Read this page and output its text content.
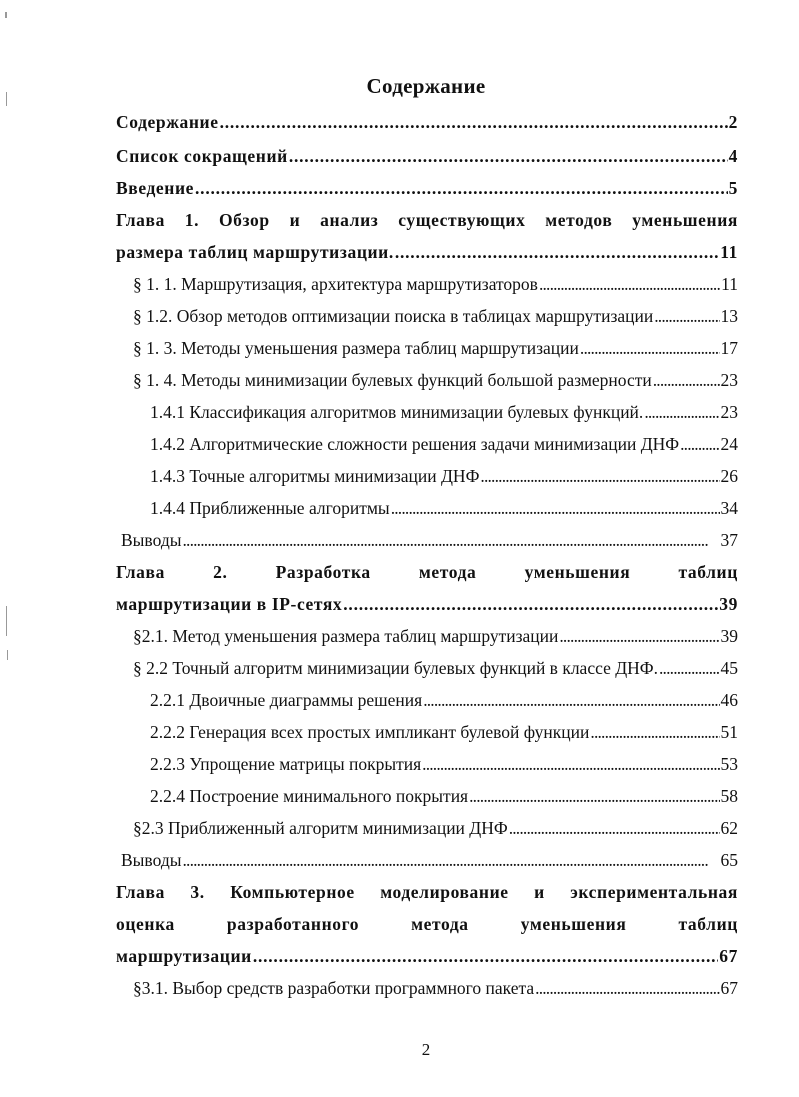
Содержание
Содержание . . .	2
Список сокращений . . .	4
Введение . . .	5
Глава 1. Обзор и анализ существующих методов уменьшения
размера таблиц маршрутизации. . . .	11
§ 1. 1. Маршрутизация, архитектура маршрутизаторов . . .	11
§ 1.2. Обзор методов оптимизации поиска в таблицах маршрутизации . . .	13
§ 1. 3. Методы уменьшения размера таблиц маршрутизации . . .	17
§ 1. 4. Методы минимизации булевых функций большой размерности . . .	23
1.4.1 Классификация алгоритмов минимизации булевых функций. . . .	23
1.4.2 Алгоритмические сложности решения задачи минимизации ДНФ . . . 24
1.4.3 Точные алгоритмы минимизации ДНФ . . .	26
1.4.4 Приближенные алгоритмы . . .	34
Выводы . . .	37
Глава	2.	Разработка	метода	уменьшения	таблиц
маршрутизации в IP-сетях . . .	39
§2.1. Метод уменьшения размера таблиц маршрутизации . . .	39
§ 2.2 Точный алгоритм минимизации булевых функций в классе ДНФ. . . .	45
2.2.1 Двоичные диаграммы решения . . .	46
2.2.2 Генерация всех простых импликант булевой функции . . .	51
2.2.3 Упрощение матрицы покрытия . . .	53
2.2.4 Построение минимального покрытия . . .	58
§2.3 Приближенный алгоритм минимизации ДНФ . . .	62
Выводы . . .	65
Глава 3. Компьютерное моделирование и экспериментальная
оценка	разработанного	метода	уменьшения	таблиц
маршрутизации . . .	67
§3.1. Выбор средств разработки программного пакета . . .	67
2
